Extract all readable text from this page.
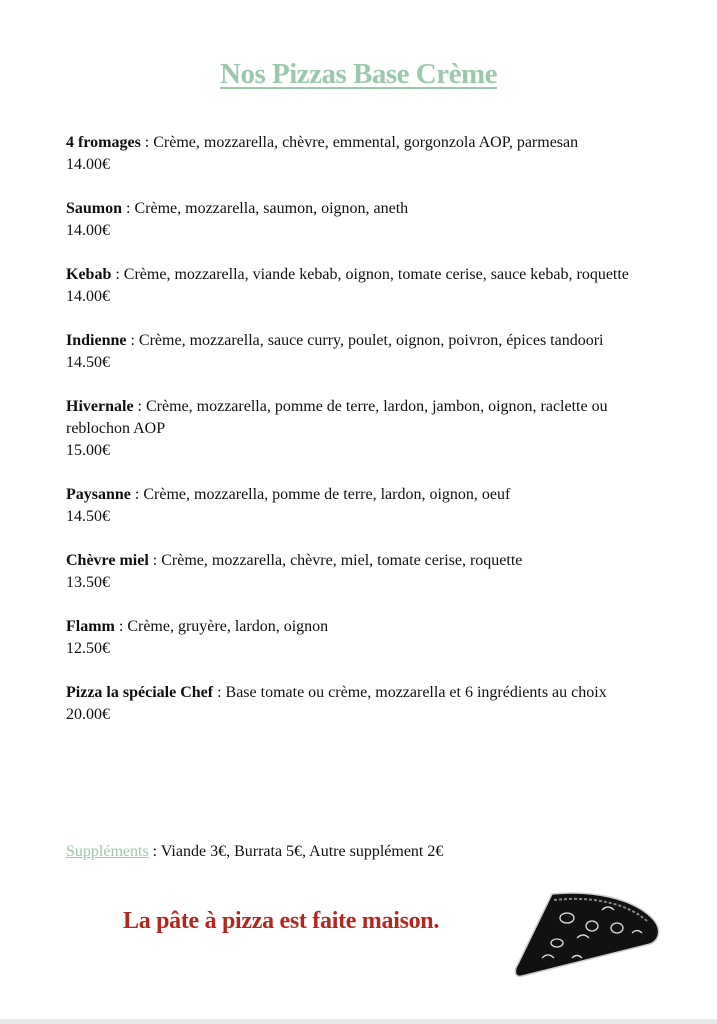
Nos Pizzas Base Crème
4 fromages : Crème, mozzarella, chèvre, emmental, gorgonzola AOP, parmesan
14.00€
Saumon : Crème, mozzarella, saumon, oignon, aneth
14.00€
Kebab : Crème, mozzarella, viande kebab, oignon, tomate cerise, sauce kebab, roquette
14.00€
Indienne : Crème, mozzarella, sauce curry, poulet, oignon, poivron, épices tandoori
14.50€
Hivernale : Crème, mozzarella, pomme de terre, lardon, jambon, oignon, raclette ou reblochon AOP
15.00€
Paysanne : Crème, mozzarella, pomme de terre, lardon, oignon, oeuf
14.50€
Chèvre miel : Crème, mozzarella, chèvre, miel, tomate cerise, roquette
13.50€
Flamm : Crème, gruyère, lardon, oignon
12.50€
Pizza la spéciale Chef : Base tomate ou crème, mozzarella et 6 ingrédients au choix
20.00€
Suppléments : Viande 3€, Burrata 5€, Autre supplément 2€
La pâte à pizza est faite maison.
